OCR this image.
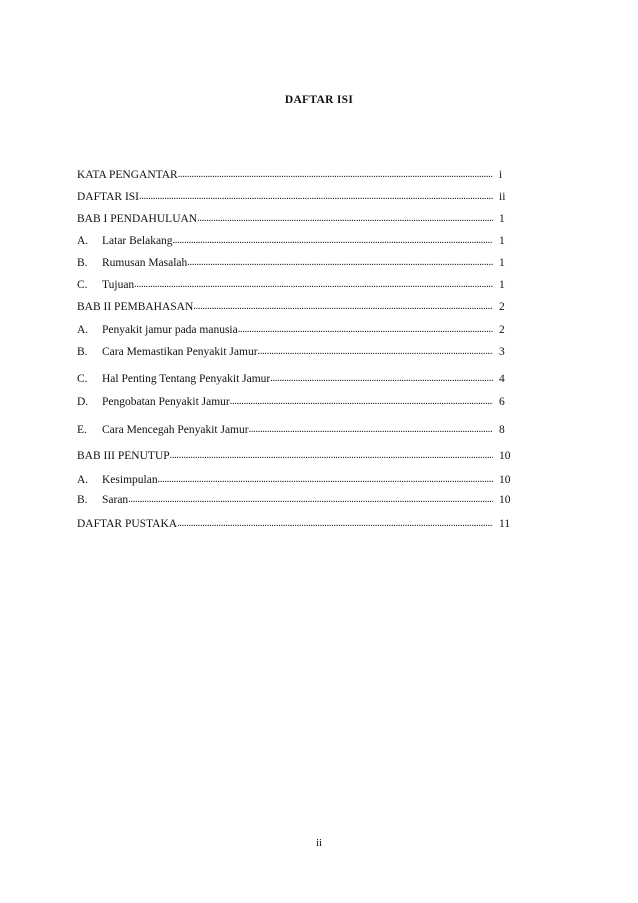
DAFTAR ISI
KATA PENGANTAR .....	i
DAFTAR ISI .....	ii
BAB I PENDAHULUAN .....	1
A.	Latar Belakang .....	1
B.	Rumusan Masalah .....	1
C.	Tujuan .....	1
BAB II PEMBAHASAN .....	2
A.	Penyakit jamur pada manusia .....	2
B.	Cara Memastikan Penyakit Jamur .....	3
C.	Hal Penting Tentang Penyakit Jamur .....	4
D.	Pengobatan Penyakit Jamur .....	6
E.	Cara Mencegah Penyakit Jamur .....	8
BAB III PENUTUP .....	10
A.	Kesimpulan .....	10
B.	Saran .....	10
DAFTAR PUSTAKA .....	11
ii
